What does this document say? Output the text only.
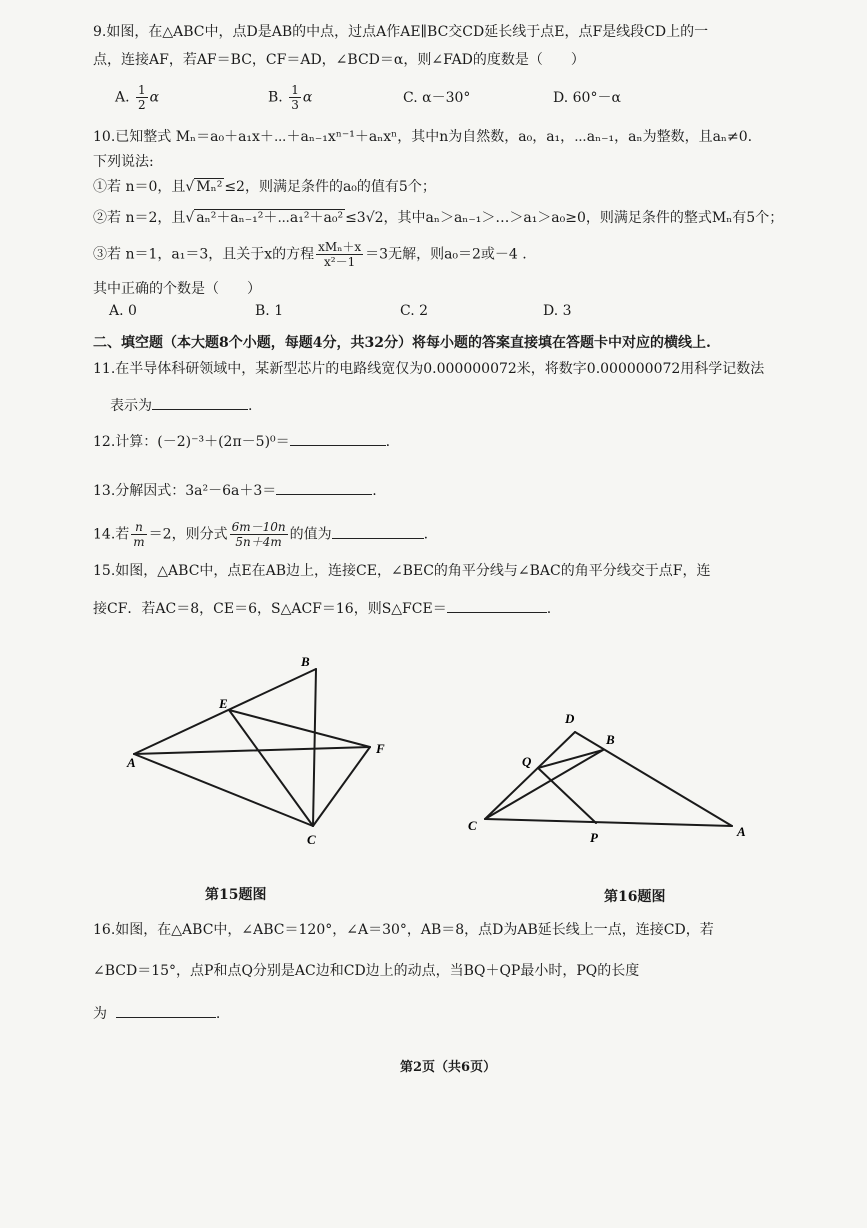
9.如图，在△ABC中，点D是AB的中点，过点A作AE∥BC交CD延长线于点E，点F是线段CD上的一
点，连接AF，若AF＝BC，CF＝AD，∠BCD＝α，则∠FAD的度数是（　　）
A. $\frac{1}{2}$ α	B. $\frac{1}{3}$ α	C. α－30°	D. 60°－α
10.已知整式 Mₙ＝a₀＋a₁x＋⋯＋aₙ₋₁xⁿ⁻¹＋aₙxⁿ，其中n为自然数，a₀，a₁，⋯aₙ₋₁，aₙ为整数，且aₙ≠0.
下列说法:
①若 n＝0，且√ Mₙ² ≤2，则满足条件的a₀的值有5个；
②若 n＝2，且√ aₙ²＋aₙ₋₁²＋⋯a₁²＋a₀² ≤3√2，其中aₙ＞aₙ₋₁＞…＞a₁＞a₀≥0，则满足条件的整式Mₙ有5个；
③若 n＝1，a₁＝3，且关于x的方程 $\frac{\text{xMₙ＋x}}{\text{x²－1}} =3$无解，则a₀＝2或－4 .
其中正确的个数是（　　）
A. 0	B. 1	C. 2	D. 3
二、填空题（本大题8个小题，每题4分，共32分）将每小题的答案直接填在答题卡中对应的横线上.
11.在半导体科研领域中，某新型芯片的电路线宽仅为0.000000072米，将数字0.000000072用科学记数法
表示为	.
12.计算：(－2)⁻³＋(2π－5)⁰＝	.
13.分解因式：3a²－6a＋3＝	.
14.若 $\frac{n}{m} =2$，则分式 $\frac{6m-10n}{5n+4m}$ 的值为	.
15.如图，△ABC中，点E在AB边上，连接CE，∠BEC的角平分线与∠BAC的角平分线交于点F，连
接CF．若AC＝8，CE＝6，S△ACF＝16，则S△FCE＝	.
B
E
A
F
C
D
B
Q
C
P	A
第15题图	第16题图
16.如图，在△ABC中，∠ABC＝120°，∠A＝30°，AB＝8，点D为AB延长线上一点，连接CD，若
∠BCD＝15°，点P和点Q分别是AC边和CD边上的动点，当BQ＋QP最小时，PQ的长度
为	.
第2页（共6页）
